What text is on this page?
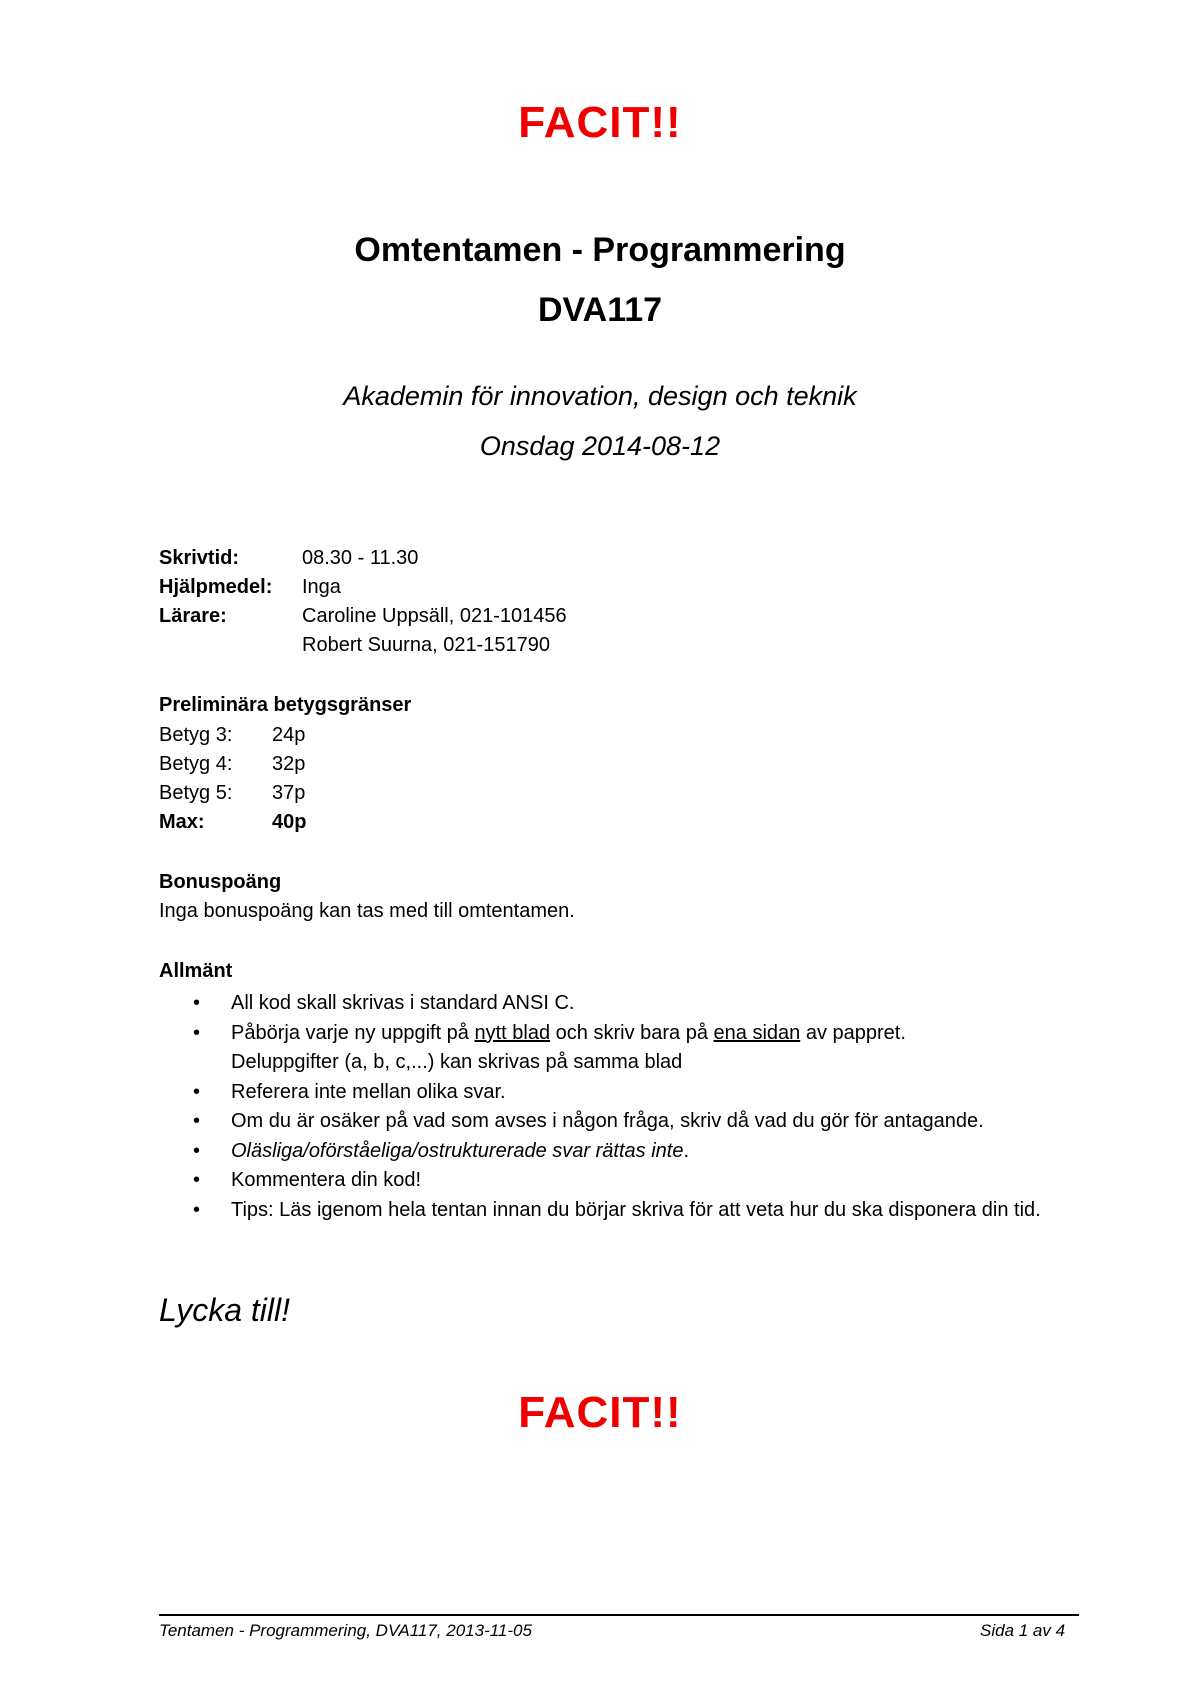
FACIT!!
Omtentamen - Programmering
DVA117
Akademin för innovation, design och teknik
Onsdag 2014-08-12
Skrivtid:	08.30 - 11.30
Hjälpmedel: Inga
Lärare:	Caroline Uppsäll, 021-101456
Robert Suurna, 021-151790
Preliminära betygsgränser
Betyg 3: 24p
Betyg 4: 32p
Betyg 5: 37p
Max:	40p
Bonuspoäng
Inga bonuspoäng kan tas med till omtentamen.
Allmänt
• All kod skall skrivas i standard ANSI C.
• Påbörja varje ny uppgift på nytt blad och skriv bara på ena sidan av pappret.
Deluppgifter (a, b, c,...) kan skrivas på samma blad
• Referera inte mellan olika svar.
• Om du är osäker på vad som avses i någon fråga, skriv då vad du gör för antagande.
• Oläsliga/oförståeliga/ostrukturerade svar rättas inte.
• Kommentera din kod!
• Tips: Läs igenom hela tentan innan du börjar skriva för att veta hur du ska disponera din tid.
Lycka till!
FACIT!!
Tentamen - Programmering, DVA117, 2013-11-05	Sida 1 av 4
